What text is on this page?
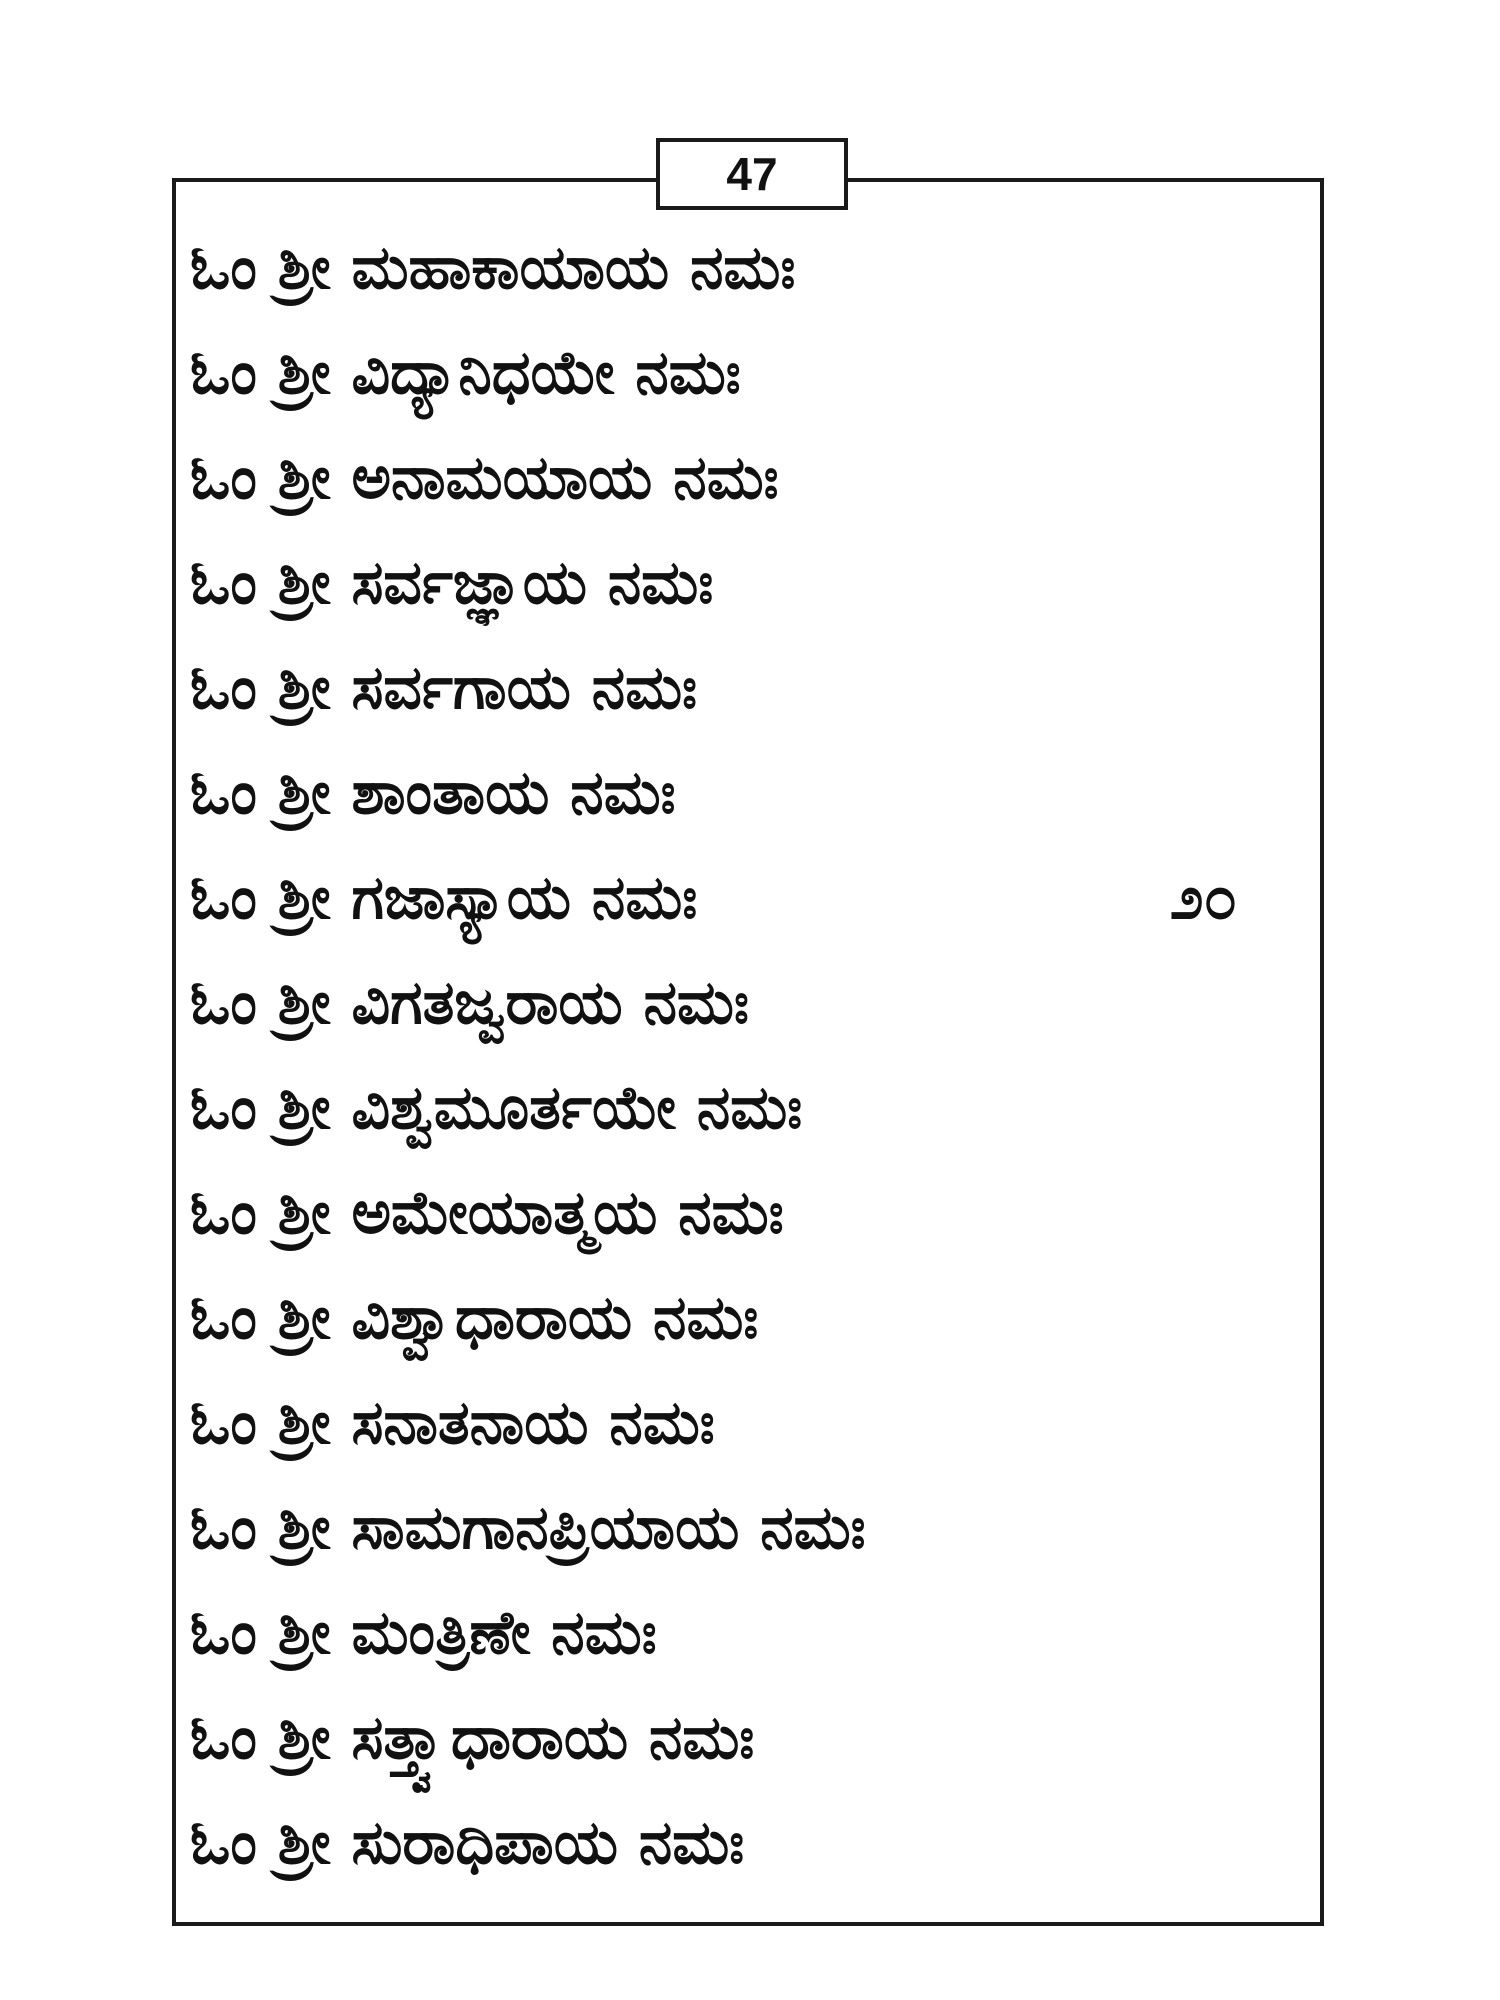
47
ಓಂ ಶ್ರೀ ಮಹಾಕಾಯಾಯ ನಮಃ
ಓಂ ಶ್ರೀ ವಿದ್ಯಾನಿಧಯೇ ನಮಃ
ಓಂ ಶ್ರೀ ಅನಾಮಯಾಯ ನಮಃ
ಓಂ ಶ್ರೀ ಸರ್ವಜ್ಞಾಯ ನಮಃ
ಓಂ ಶ್ರೀ ಸರ್ವಗಾಯ ನಮಃ
ಓಂ ಶ್ರೀ ಶಾಂತಾಯ ನಮಃ
ಓಂ ಶ್ರೀ ಗಜಾಸ್ಯಾಯ ನಮಃ	೨೦
ಓಂ ಶ್ರೀ ವಿಗತಜ್ವರಾಯ ನಮಃ
ಓಂ ಶ್ರೀ ವಿಶ್ವಮೂರ್ತಯೇ ನಮಃ
ಓಂ ಶ್ರೀ ಅಮೇಯಾತ್ಮಯ ನಮಃ
ಓಂ ಶ್ರೀ ವಿಶ್ವಾಧಾರಾಯ ನಮಃ
ಓಂ ಶ್ರೀ ಸನಾತನಾಯ ನಮಃ
ಓಂ ಶ್ರೀ ಸಾಮಗಾನಪ್ರಿಯಾಯ ನಮಃ
ಓಂ ಶ್ರೀ ಮಂತ್ರಿಣೇ ನಮಃ
ಓಂ ಶ್ರೀ ಸತ್ತ್ವಾಧಾರಾಯ ನಮಃ
ಓಂ ಶ್ರೀ ಸುರಾಧಿಪಾಯ ನಮಃ
